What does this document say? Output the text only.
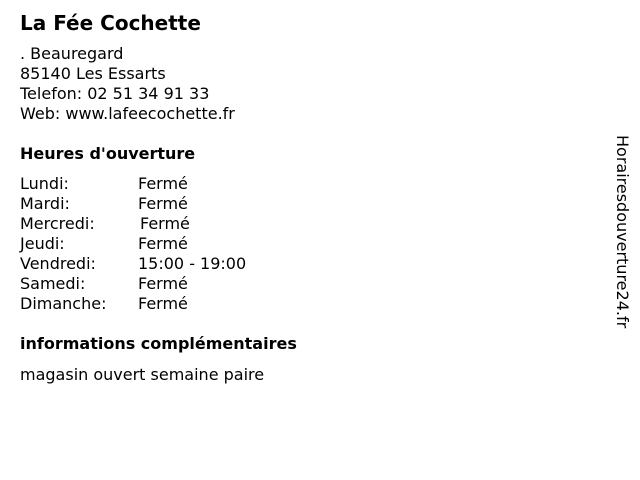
La Fée Cochette
. Beauregard
85140 Les Essarts
Telefon: 02 51 34 91 33
Web: www.lafeecochette.fr
Heures d'ouverture
Lundi:	Fermé
Mardi:	Fermé
Mercredi:	Fermé
Jeudi:	Fermé
Vendredi:	15:00 - 19:00
Samedi:	Fermé
Dimanche: Fermé
informations complémentaires
magasin ouvert semaine paire
Horairesdouverture24.fr
